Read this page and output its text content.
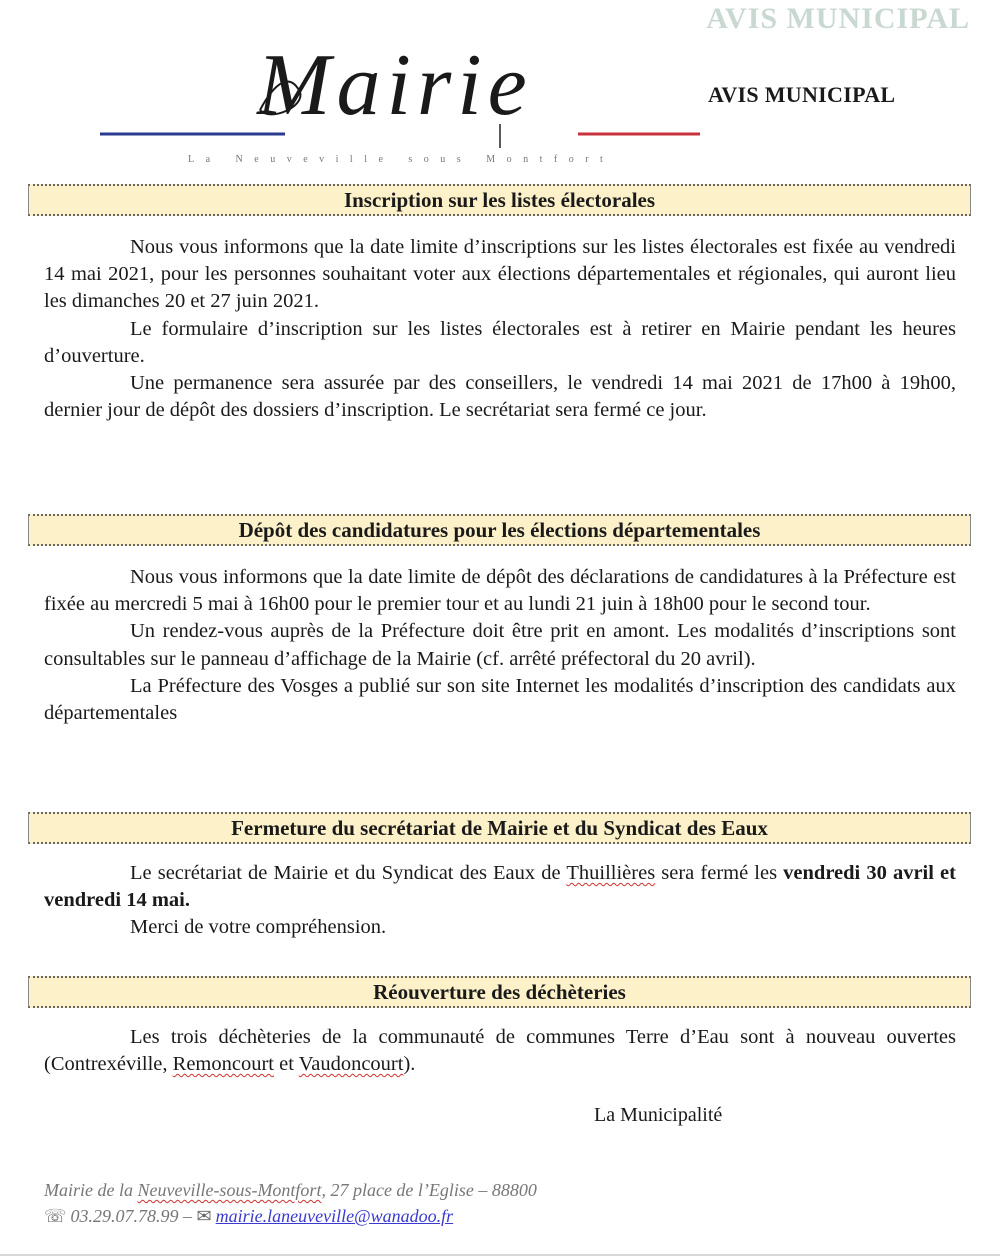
AVIS MUNICIPAL
Mairie
La Neuveville sous Montfort
AVIS MUNICIPAL
Inscription sur les listes électorales

Nous vous informons que la date limite d’inscriptions sur les listes électorales est fixée au vendredi 14 mai 2021, pour les personnes souhaitant voter aux élections départementales et régionales, qui auront lieu les dimanches 20 et 27 juin 2021.

Le formulaire d’inscription sur les listes électorales est à retirer en Mairie pendant les heures d’ouverture.

Une permanence sera assurée par des conseillers, le vendredi 14 mai 2021 de 17h00 à 19h00, dernier jour de dépôt des dossiers d’inscription. Le secrétariat sera fermé ce jour.

Dépôt des candidatures pour les élections départementales

Nous vous informons que la date limite de dépôt des déclarations de candidatures à la Préfecture est fixée au mercredi 5 mai à 16h00 pour le premier tour et au lundi 21 juin à 18h00 pour le second tour.

Un rendez-vous auprès de la Préfecture doit être prit en amont. Les modalités d’inscriptions sont consultables sur le panneau d’affichage de la Mairie (cf. arrêté préfectoral du 20 avril).

La Préfecture des Vosges a publié sur son site Internet les modalités d’inscription des candidats aux départementales

Fermeture du secrétariat de Mairie et du Syndicat des Eaux

Le secrétariat de Mairie et du Syndicat des Eaux de Thuillières sera fermé les vendredi 30 avril et vendredi 14 mai.

Merci de votre compréhension.

Réouverture des déchèteries

Les trois déchèteries de la communauté de communes Terre d’Eau sont à nouveau ouvertes (Contrexéville, Remoncourt et Vaudoncourt).

La Municipalité
Mairie de la Neuveville-sous-Montfort, 27 place de l’Eglise – 88800
☏ 03.29.07.78.99 – ✉ mairie.laneuveville@wanadoo.fr
